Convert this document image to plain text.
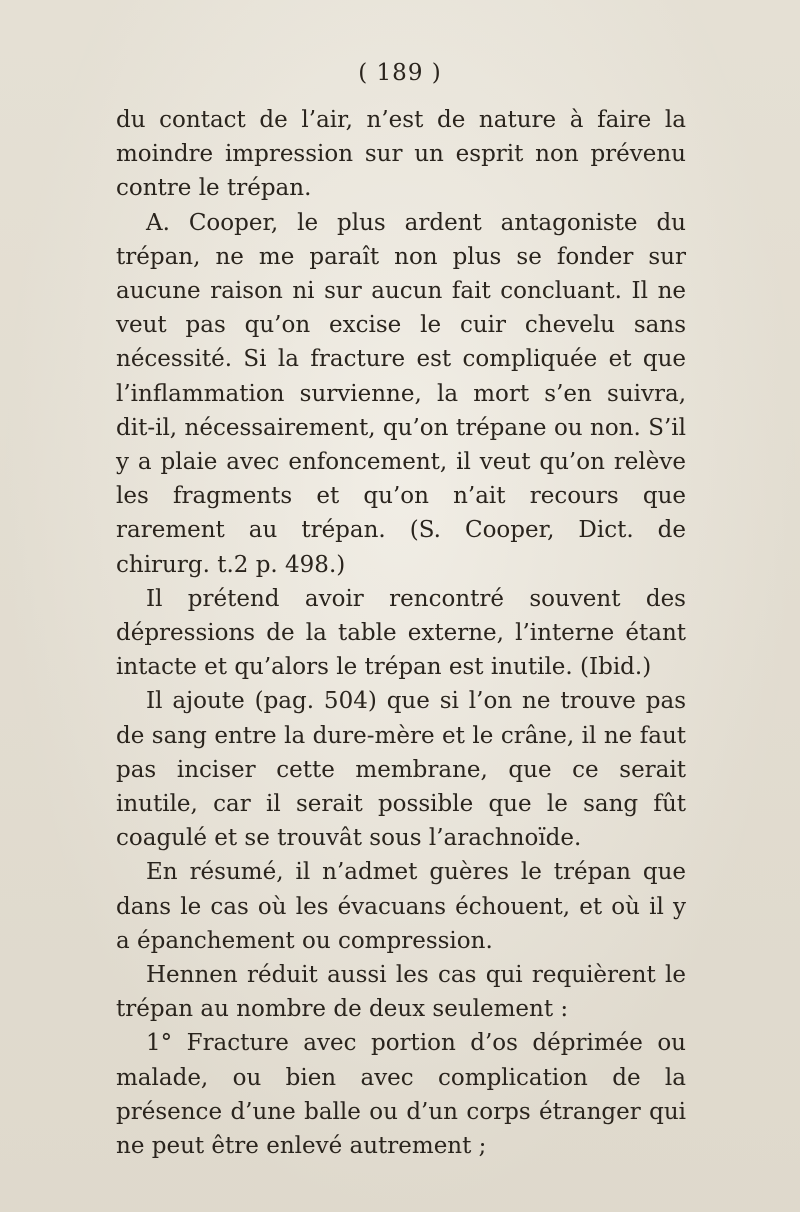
( 189 )

du contact de l’air, n’est de nature à faire la moindre impression sur un esprit non prévenu contre le trépan.

A. Cooper, le plus ardent antagoniste du trépan, ne me paraît non plus se fonder sur aucune raison ni sur aucun fait concluant. Il ne veut pas qu’on excise le cuir chevelu sans nécessité. Si la fracture est compliquée et que l’inflammation survienne, la mort s’en suivra, dit-il, nécessairement, qu’on trépane ou non. S’il y a plaie avec enfoncement, il veut qu’on relève les fragments et qu’on n’ait recours que rarement au trépan. (S. Cooper, Dict. de chirurg. t.2 p. 498.)

Il prétend avoir rencontré souvent des dépressions de la table externe, l’interne étant intacte et qu’alors le trépan est inutile. (Ibid.)

Il ajoute (pag. 504) que si l’on ne trouve pas de sang entre la dure-mère et le crâne, il ne faut pas inciser cette membrane, que ce serait inutile, car il serait possible que le sang fût coagulé et se trouvât sous l’arachnoïde.

En résumé, il n’admet guères le trépan que dans le cas où les évacuans échouent, et où il y a épanchement ou compression.

Hennen réduit aussi les cas qui requièrent le trépan au nombre de deux seulement :

1° Fracture avec portion d’os déprimée ou malade, ou bien avec complication de la présence d’une balle ou d’un corps étranger qui ne peut être enlevé autrement ;
